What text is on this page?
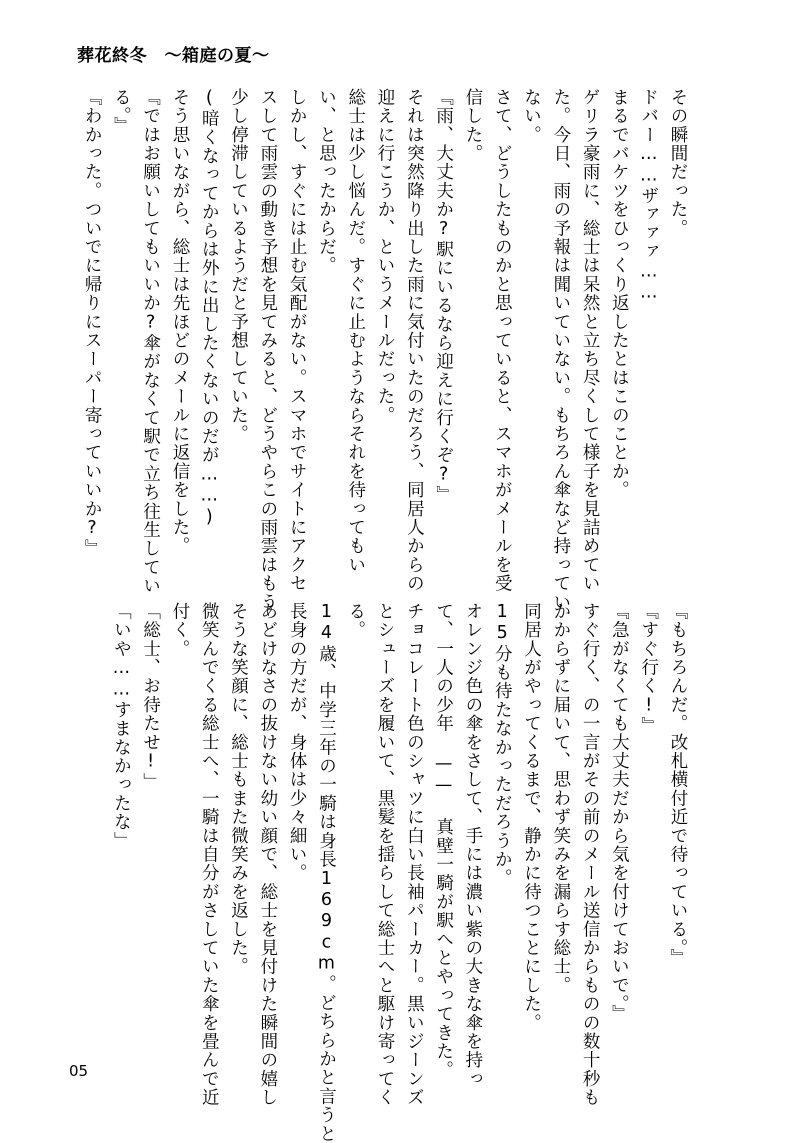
葬花終冬　〜箱庭の夏〜

その瞬間だった。

ドバー……ザァァァ……

まるでバケツをひっくり返したとはこのことか。

ゲリラ豪雨に、総士は呆然と立ち尽くして様子を見詰めてい

た。今日、雨の予報は聞いていない。もちろん傘など持ってい

ない。

さて、どうしたものかと思っていると、スマホがメールを受

信した。

『雨、大丈夫か?駅にいるなら迎えに行くぞ?』

それは突然降り出した雨に気付いたのだろう、同居人からの

迎えに行こうか、というメールだった。

総士は少し悩んだ。すぐに止むようならそれを待ってもい

い、と思ったからだ。

しかし、すぐには止む気配がない。スマホでサイトにアクセ

スして雨雲の動き予想を見てみると、どうやらこの雨雲はもう

少し停滞しているようだと予想していた。

(暗くなってからは外に出したくないのだが……)

そう思いながら、総士は先ほどのメールに返信をした。

『ではお願いしてもいいか?傘がなくて駅で立ち往生してい

る。』

『わかった。ついでに帰りにスーパー寄っていいか?』

『もちろんだ。改札横付近で待っている。』

『すぐ行く!』

『急がなくても大丈夫だから気を付けておいで。』

すぐ行く、の一言がその前のメール送信からものの数十秒も

かからずに届いて、思わず笑みを漏らす総士。

同居人がやってくるまで、静かに待つことにした。

15分も待たなかっただろうか。

オレンジ色の傘をさして、手には濃い紫の大きな傘を持っ

て、一人の少年 —— 真壁一騎が駅へとやってきた。

チョコレート色のシャツに白い長袖パーカー。黒いジーンズ

とシューズを履いて、黒髪を揺らして総士へと駆け寄ってく

る。

14歳、中学三年の一騎は身長169cm。どちらかと言うと

長身の方だが、身体は少々細い。

あどけなさの抜けない幼い顔で、総士を見付けた瞬間の嬉し

そうな笑顔に、総士もまた微笑みを返した。

微笑んでくる総士へ、一騎は自分がさしていた傘を畳んで近

付く。

「総士、お待たせ!」

「いや……すまなかったな」

05
